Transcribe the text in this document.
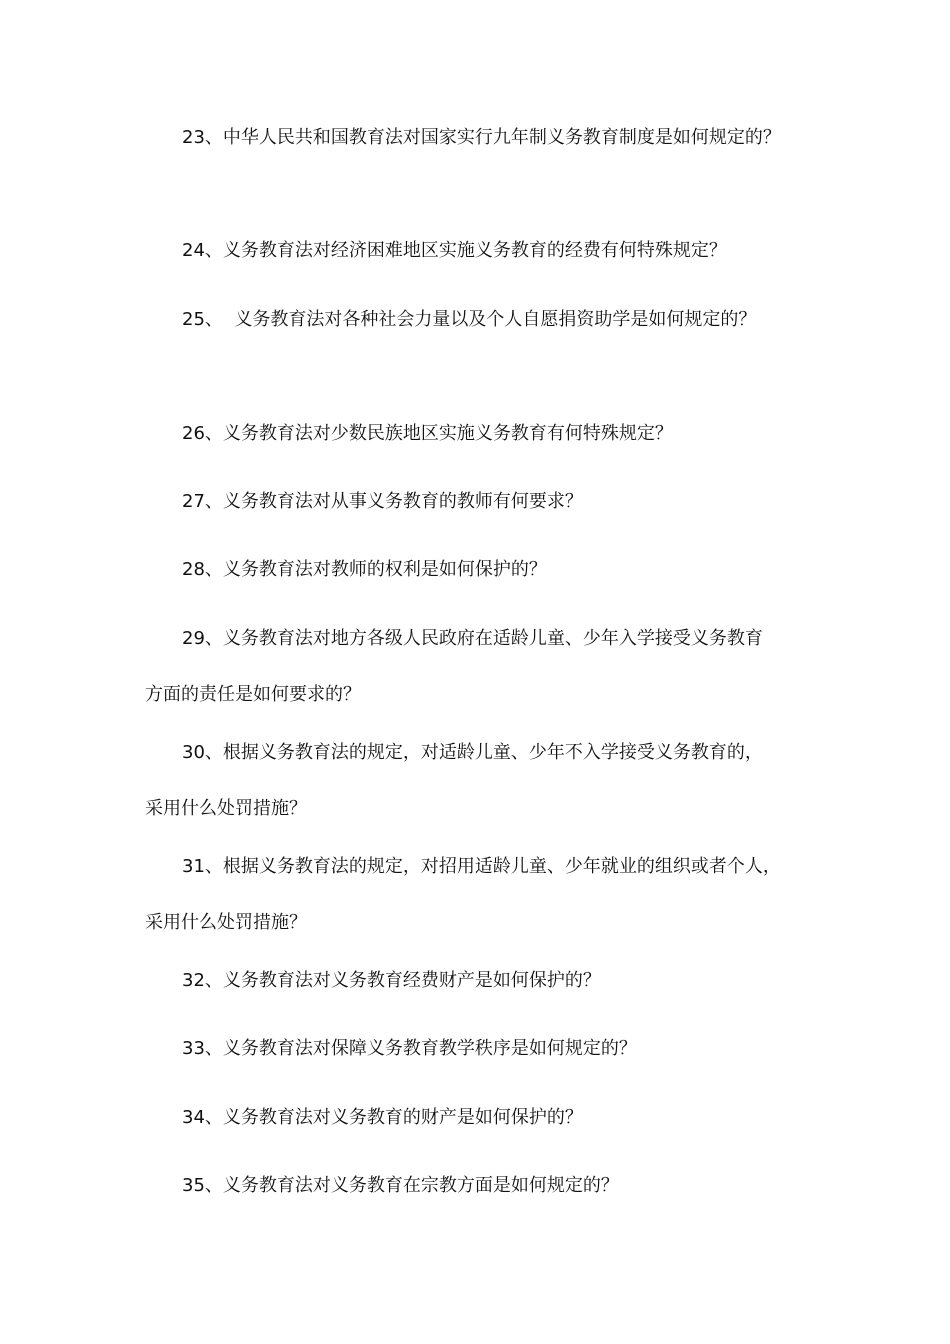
23、中华人民共和国教育法对国家实行九年制义务教育制度是如何规定的？
24、义务教育法对经济困难地区实施义务教育的经费有何特殊规定？
25、  义务教育法对各种社会力量以及个人自愿捐资助学是如何规定的？
26、义务教育法对少数民族地区实施义务教育有何特殊规定？
27、义务教育法对从事义务教育的教师有何要求？
28、义务教育法对教师的权利是如何保护的？
29、义务教育法对地方各级人民政府在适龄儿童、少年入学接受义务教育
方面的责任是如何要求的？
30、根据义务教育法的规定，对适龄儿童、少年不入学接受义务教育的，
采用什么处罚措施？
31、根据义务教育法的规定，对招用适龄儿童、少年就业的组织或者个人，
采用什么处罚措施？
32、义务教育法对义务教育经费财产是如何保护的？
33、义务教育法对保障义务教育教学秩序是如何规定的？
34、义务教育法对义务教育的财产是如何保护的？
35、义务教育法对义务教育在宗教方面是如何规定的？
